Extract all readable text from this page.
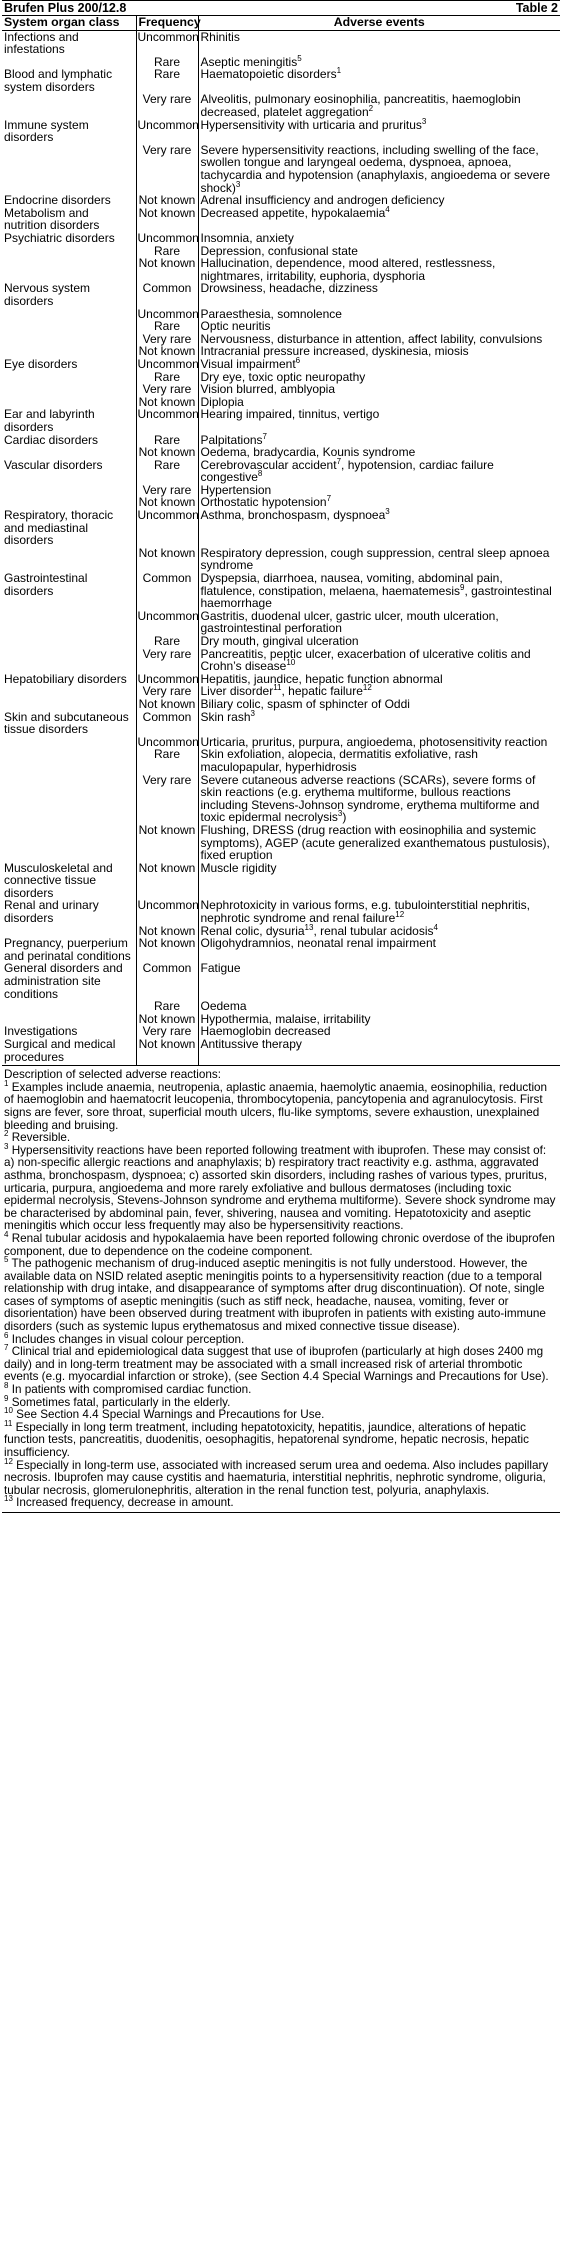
Brufen Plus 200/12.8	Table 2
System organ class	Frequency	Adverse events
Infections and infestations	Uncommon	Rhinitis
	Rare	Aseptic meningitis$^5$
Blood and lymphatic system disorders	Rare	Haematopoietic disorders$^1$
	Very rare	Alveolitis, pulmonary eosinophilia, pancreatitis, haemoglobin decreased, platelet aggregation$^2$
Immune system disorders	Uncommon	Hypersensitivity with urticaria and pruritus$^3$
	Very rare	Severe hypersensitivity reactions, including swelling of the face, swollen tongue and laryngeal oedema, dyspnoea, apnoea, tachycardia and hypotension (anaphylaxis, angioedema or severe shock)$^3$
Endocrine disorders	Not known	Adrenal insufficiency and androgen deficiency
Metabolism and nutrition disorders	Not known	Decreased appetite, hypokalaemia$^4$
Psychiatric disorders	Uncommon	Insomnia, anxiety
	Rare	Depression, confusional state
	Not known	Hallucination, dependence, mood altered, restlessness, nightmares, irritability, euphoria, dysphoria
Nervous system disorders	Common	Drowsiness, headache, dizziness
	Uncommon	Paraesthesia, somnolence
	Rare	Optic neuritis
	Very rare	Nervousness, disturbance in attention, affect lability, convulsions
	Not known	Intracranial pressure increased, dyskinesia, miosis
Eye disorders	Uncommon	Visual impairment$^6$
	Rare	Dry eye, toxic optic neuropathy
	Very rare	Vision blurred, amblyopia
	Not known	Diplopia
Ear and labyrinth disorders	Uncommon	Hearing impaired, tinnitus, vertigo
Cardiac disorders	Rare	Palpitations$^7$
	Not known	Oedema, bradycardia, Kounis syndrome
Vascular disorders	Rare	Cerebrovascular accident$^7$, hypotension, cardiac failure congestive$^8$
	Very rare	Hypertension
	Not known	Orthostatic hypotension$^7$
Respiratory, thoracic and mediastinal disorders	Uncommon	Asthma, bronchospasm, dyspnoea$^3$
	Not known	Respiratory depression, cough suppression, central sleep apnoea syndrome
Gastrointestinal disorders	Common	Dyspepsia, diarrhoea, nausea, vomiting, abdominal pain, flatulence, constipation, melaena, haematemesis$^9$, gastrointestinal haemorrhage
	Uncommon	Gastritis, duodenal ulcer, gastric ulcer, mouth ulceration, gastrointestinal perforation
	Rare	Dry mouth, gingival ulceration
	Very rare	Pancreatitis, peptic ulcer, exacerbation of ulcerative colitis and Crohn’s disease$^{10}$
Hepatobiliary disorders	Uncommon	Hepatitis, jaundice, hepatic function abnormal
	Very rare	Liver disorder$^{11}$, hepatic failure$^{12}$
	Not known	Biliary colic, spasm of sphincter of Oddi
Skin and subcutaneous tissue disorders	Common	Skin rash$^3$
	Uncommon	Urticaria, pruritus, purpura, angioedema, photosensitivity reaction
	Rare	Skin exfoliation, alopecia, dermatitis exfoliative, rash maculopapular, hyperhidrosis
	Very rare	Severe cutaneous adverse reactions (SCARs), severe forms of skin reactions (e.g. erythema multiforme, bullous reactions including Stevens-Johnson syndrome, erythema multiforme and toxic epidermal necrolysis$^3$)
	Not known	Flushing, DRESS (drug reaction with eosinophilia and systemic symptoms), AGEP (acute generalized exanthematous pustulosis), fixed eruption
Musculoskeletal and connective tissue disorders	Not known	Muscle rigidity
Renal and urinary disorders	Uncommon	Nephrotoxicity in various forms, e.g. tubulointerstitial nephritis, nephrotic syndrome and renal failure$^{12}$
	Not known	Renal colic, dysuria$^{13}$, renal tubular acidosis$^4$
Pregnancy, puerperium and perinatal conditions	Not known	Oligohydramnios, neonatal renal impairment
General disorders and administration site conditions	Common	Fatigue
	Rare	Oedema
	Not known	Hypothermia, malaise, irritability
Investigations	Very rare	Haemoglobin decreased
Surgical and medical procedures	Not known	Antitussive therapy

Description of selected adverse reactions:

$^1$ Examples include anaemia, neutropenia, aplastic anaemia, haemolytic anaemia, eosinophilia, reduction of haemoglobin and haematocrit leucopenia, thrombocytopenia, pancytopenia and agranulocytosis. First signs are fever, sore throat, superficial mouth ulcers, flu-like symptoms, severe exhaustion, unexplained bleeding and bruising.

$^2$ Reversible.

$^3$ Hypersensitivity reactions have been reported following treatment with ibuprofen. These may consist of:

a) non-specific allergic reactions and anaphylaxis; b) respiratory tract reactivity e.g. asthma, aggravated asthma, bronchospasm, dyspnoea; c) assorted skin disorders, including rashes of various types, pruritus, urticaria, purpura, angioedema and more rarely exfoliative and bullous dermatoses (including toxic epidermal necrolysis, Stevens-Johnson syndrome and erythema multiforme). Severe shock syndrome may be characterised by abdominal pain, fever, shivering, nausea and vomiting. Hepatotoxicity and aseptic meningitis which occur less frequently may also be hypersensitivity reactions.

$^4$ Renal tubular acidosis and hypokalaemia have been reported following chronic overdose of the ibuprofen component, due to dependence on the codeine component.

$^5$ The pathogenic mechanism of drug-induced aseptic meningitis is not fully understood. However, the available data on NSID related aseptic meningitis points to a hypersensitivity reaction (due to a temporal relationship with drug intake, and disappearance of symptoms after drug discontinuation). Of note, single cases of symptoms of aseptic meningitis (such as stiff neck, headache, nausea, vomiting, fever or disorientation) have been observed during treatment with ibuprofen in patients with existing auto-immune disorders (such as systemic lupus erythematosus and mixed connective tissue disease).

$^6$ Includes changes in visual colour perception.

$^7$ Clinical trial and epidemiological data suggest that use of ibuprofen (particularly at high doses 2400 mg daily) and in long-term treatment may be associated with a small increased risk of arterial thrombotic events (e.g. myocardial infarction or stroke), (see Section 4.4 Special Warnings and Precautions for Use).

$^8$ In patients with compromised cardiac function.

$^9$ Sometimes fatal, particularly in the elderly.

$^{10}$ See Section 4.4 Special Warnings and Precautions for Use.

$^{11}$ Especially in long term treatment, including hepatotoxicity, hepatitis, jaundice, alterations of hepatic function tests, pancreatitis, duodenitis, oesophagitis, hepatorenal syndrome, hepatic necrosis, hepatic insufficiency.

$^{12}$ Especially in long-term use, associated with increased serum urea and oedema. Also includes papillary necrosis. Ibuprofen may cause cystitis and haematuria, interstitial nephritis, nephrotic syndrome, oliguria, tubular necrosis, glomerulonephritis, alteration in the renal function test, polyuria, anaphylaxis.

$^{13}$ Increased frequency, decrease in amount.
